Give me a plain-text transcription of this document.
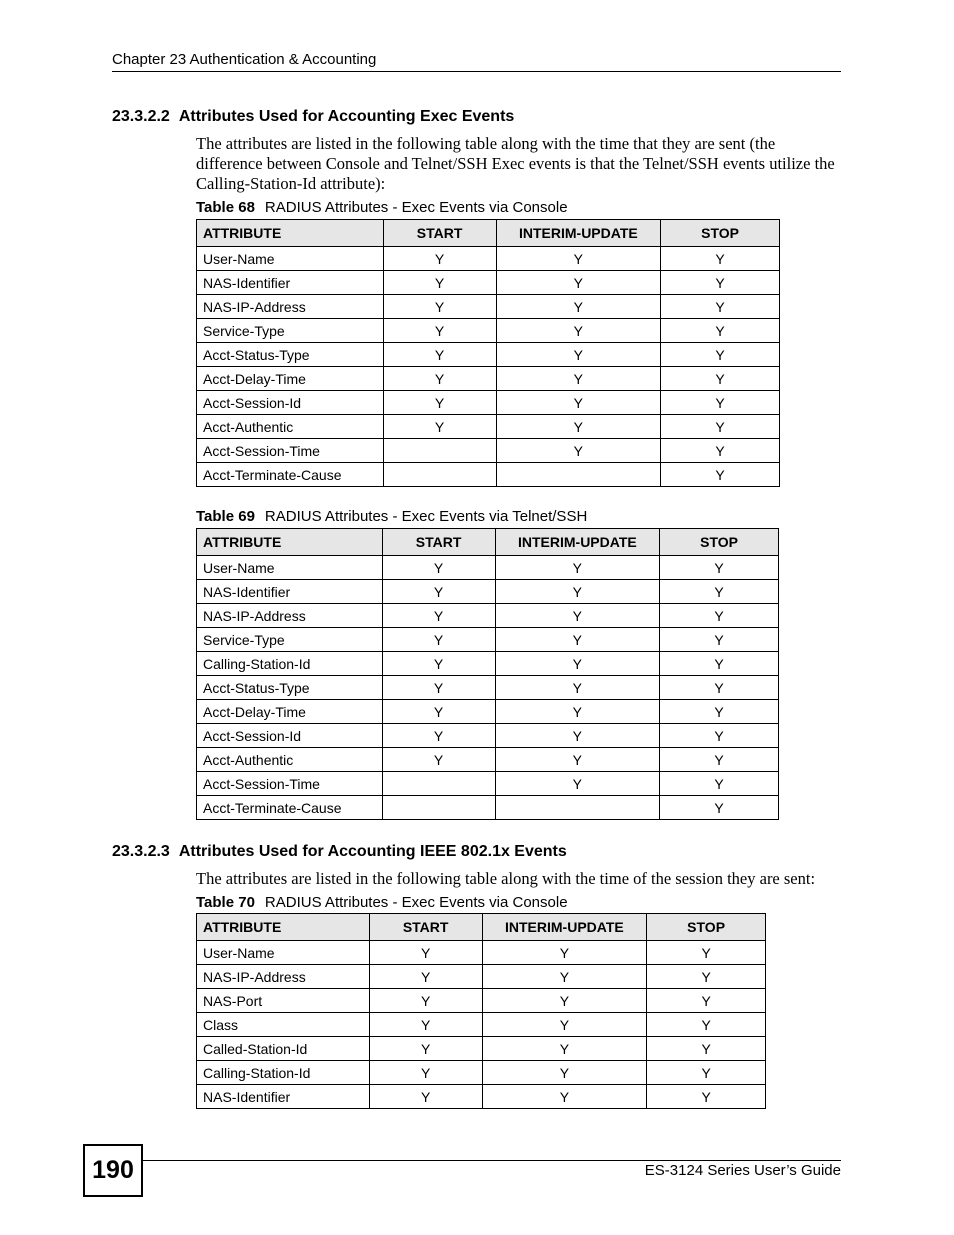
Chapter 23 Authentication & Accounting
23.3.2.2 Attributes Used for Accounting Exec Events
The attributes are listed in the following table along with the time that they are sent (the difference between Console and Telnet/SSH Exec events is that the Telnet/SSH events utilize the Calling-Station-Id attribute):
Table 68 RADIUS Attributes - Exec Events via Console
ATTRIBUTE	START	INTERIM-UPDATE	STOP
User-Name	Y	Y	Y
NAS-Identifier	Y	Y	Y
NAS-IP-Address	Y	Y	Y
Service-Type	Y	Y	Y
Acct-Status-Type	Y	Y	Y
Acct-Delay-Time	Y	Y	Y
Acct-Session-Id	Y	Y	Y
Acct-Authentic	Y	Y	Y
Acct-Session-Time		Y	Y
Acct-Terminate-Cause			Y
Table 69 RADIUS Attributes - Exec Events via Telnet/SSH
ATTRIBUTE	START	INTERIM-UPDATE	STOP
User-Name	Y	Y	Y
NAS-Identifier	Y	Y	Y
NAS-IP-Address	Y	Y	Y
Service-Type	Y	Y	Y
Calling-Station-Id	Y	Y	Y
Acct-Status-Type	Y	Y	Y
Acct-Delay-Time	Y	Y	Y
Acct-Session-Id	Y	Y	Y
Acct-Authentic	Y	Y	Y
Acct-Session-Time		Y	Y
Acct-Terminate-Cause			Y
23.3.2.3 Attributes Used for Accounting IEEE 802.1x Events
The attributes are listed in the following table along with the time of the session they are sent:
Table 70 RADIUS Attributes - Exec Events via Console
ATTRIBUTE	START	INTERIM-UPDATE	STOP
User-Name	Y	Y	Y
NAS-IP-Address	Y	Y	Y
NAS-Port	Y	Y	Y
Class	Y	Y	Y
Called-Station-Id	Y	Y	Y
Calling-Station-Id	Y	Y	Y
NAS-Identifier	Y	Y	Y
190	ES-3124 Series User’s Guide
